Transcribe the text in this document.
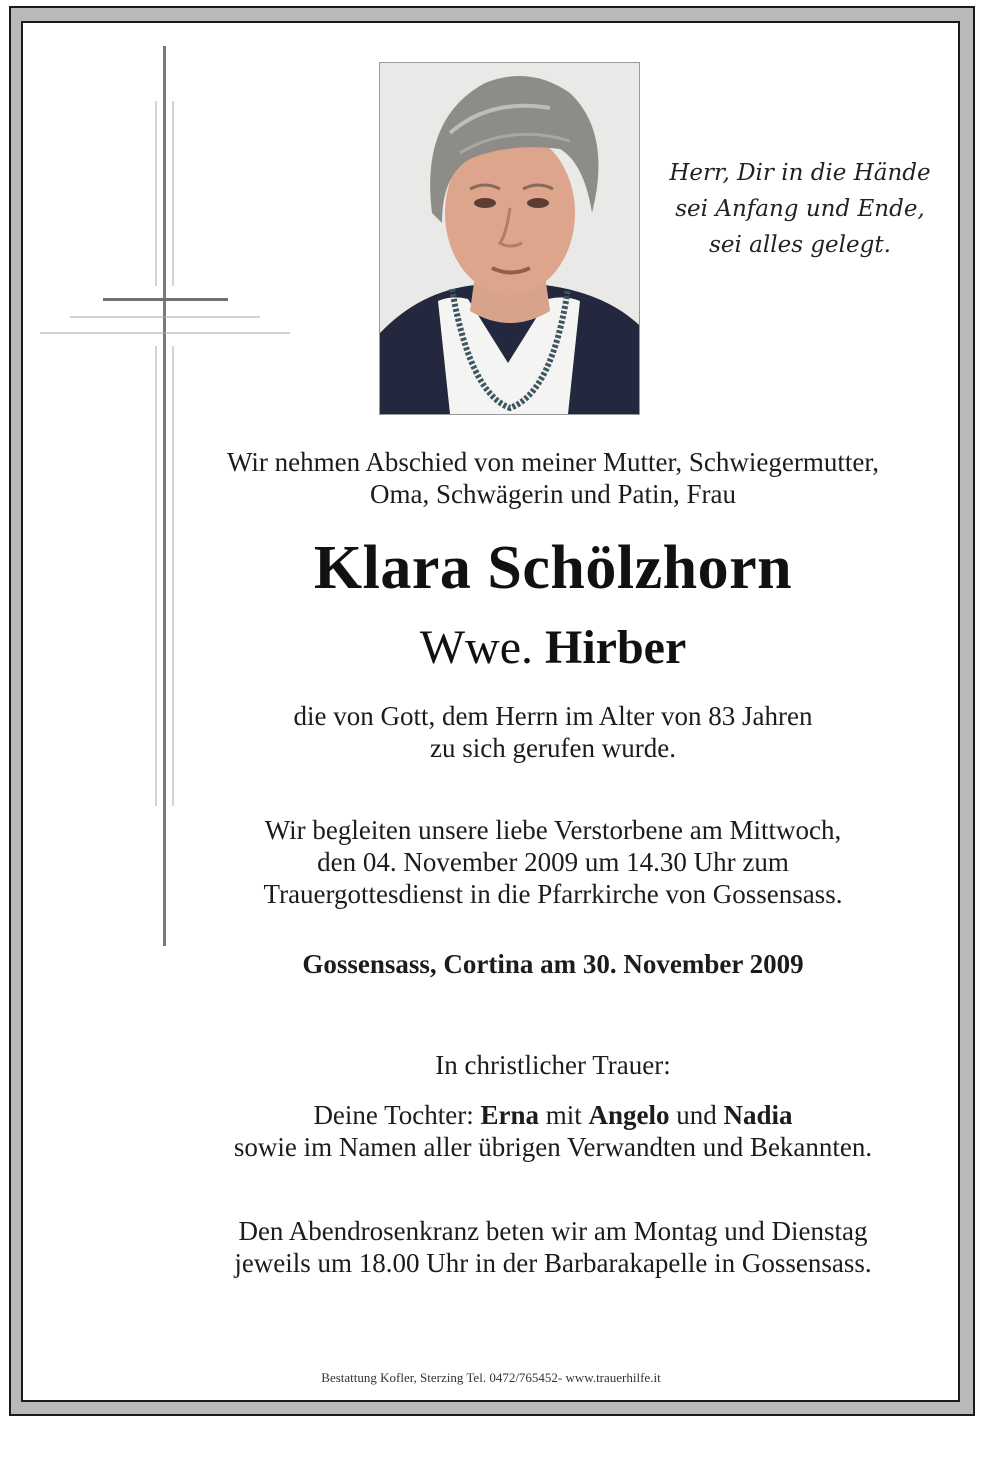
Herr, Dir in die Hände
sei Anfang und Ende,
sei alles gelegt.
Wir nehmen Abschied von meiner Mutter, Schwiegermutter,
Oma, Schwägerin und Patin, Frau
Klara Schölzhorn
Wwe. Hirber
die von Gott, dem Herrn im Alter von 83 Jahren
zu sich gerufen wurde.
Wir begleiten unsere liebe Verstorbene am Mittwoch,
den 04. November 2009 um 14.30 Uhr zum
Trauergottesdienst in die Pfarrkirche von Gossensass.
Gossensass, Cortina am 30. November 2009
In christlicher Trauer:
Deine Tochter: Erna mit Angelo und Nadia
sowie im Namen aller übrigen Verwandten und Bekannten.
Den Abendrosenkranz beten wir am Montag und Dienstag
jeweils um 18.00 Uhr in der Barbarakapelle in Gossensass.
Bestattung Kofler, Sterzing Tel. 0472/765452- www.trauerhilfe.it
